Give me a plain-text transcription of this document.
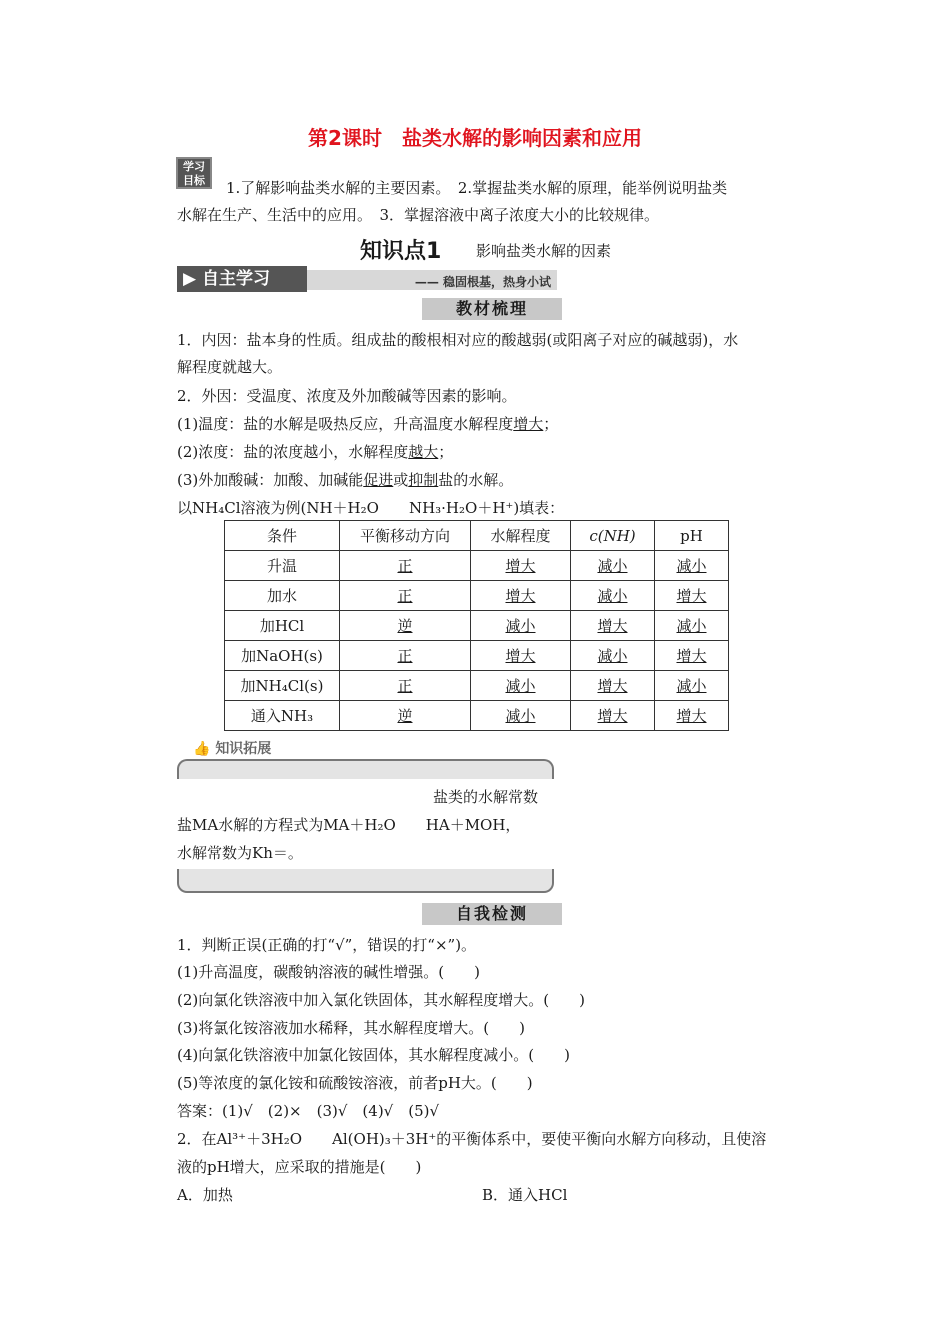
第2课时　盐类水解的影响因素和应用
学习
目标	1.了解影响盐类水解的主要因素。　2.掌握盐类水解的原理，能举例说明盐类
水解在生产、生活中的应用。　3．掌握溶液中离子浓度大小的比较规律。
知识点1 影响盐类水解的因素
—— 稳固根基，热身小试
▶ 自主学习
教材梳理
1．内因：盐本身的性质。组成盐的酸根相对应的酸越弱(或阳离子对应的碱越弱)，水
解程度就越大。
2．外因：受温度、浓度及外加酸碱等因素的影响。
(1)温度：盐的水解是吸热反应，升高温度水解程度增大；
(2)浓度：盐的浓度越小，水解程度越大；
(3)外加酸碱：加酸、加碱能促进或抑制盐的水解。
以NH₄Cl溶液为例(NH＋H₂O　　NH₃·H₂O＋H⁺)填表：
条件	平衡移动方向	水解程度	c(NH)	pH
升温	正	增大	减小	减小
加水	正	增大	减小	增大
加HCl	逆	减小	增大	减小
加NaOH(s)	正	增大	减小	增大
加NH₄Cl(s)	正	减小	增大	减小
通入NH₃	逆	减小	增大	增大
👍 知识拓展
盐类的水解常数
盐MA水解的方程式为MA＋H₂O　　HA＋MOH，
水解常数为Kh＝。
自我检测
1．判断正误(正确的打“√”，错误的打“×”)。
(1)升高温度，碳酸钠溶液的碱性增强。(　　)
(2)向氯化铁溶液中加入氯化铁固体，其水解程度增大。(　　)
(3)将氯化铵溶液加水稀释，其水解程度增大。(　　)
(4)向氯化铁溶液中加氯化铵固体，其水解程度减小。(　　)
(5)等浓度的氯化铵和硫酸铵溶液，前者pH大。(　　)
答案：(1)√　(2)×　(3)√　(4)√　(5)√
2．在Al³⁺＋3H₂O　　Al(OH)₃＋3H⁺的平衡体系中，要使平衡向水解方向移动，且使溶
液的pH增大，应采取的措施是(　　)
A．加热	B．通入HCl
